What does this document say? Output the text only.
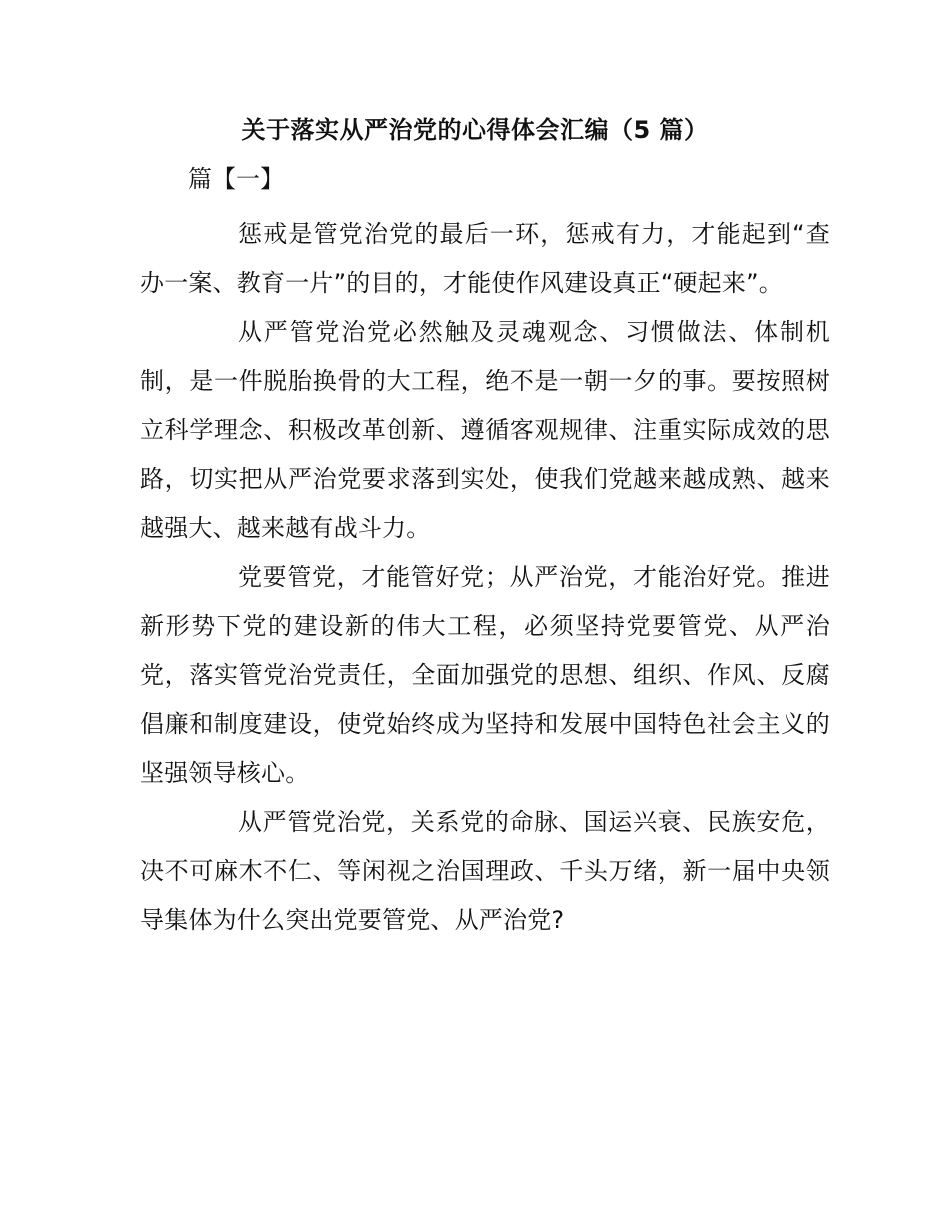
关于落实从严治党的心得体会汇编（5 篇）
篇【一】

惩戒是管党治党的最后一环，惩戒有力，才能起到“查办一案、教育一片”的目的，才能使作风建设真正“硬起来”。

从严管党治党必然触及灵魂观念、习惯做法、体制机制，是一件脱胎换骨的大工程，绝不是一朝一夕的事。要按照树立科学理念、积极改革创新、遵循客观规律、注重实际成效的思路，切实把从严治党要求落到实处，使我们党越来越成熟、越来越强大、越来越有战斗力。

党要管党，才能管好党；从严治党，才能治好党。推进新形势下党的建设新的伟大工程，必须坚持党要管党、从严治党，落实管党治党责任，全面加强党的思想、组织、作风、反腐倡廉和制度建设，使党始终成为坚持和发展中国特色社会主义的坚强领导核心。

从严管党治党，关系党的命脉、国运兴衰、民族安危，决不可麻木不仁、等闲视之治国理政、千头万绪，新一届中央领导集体为什么突出党要管党、从严治党?
